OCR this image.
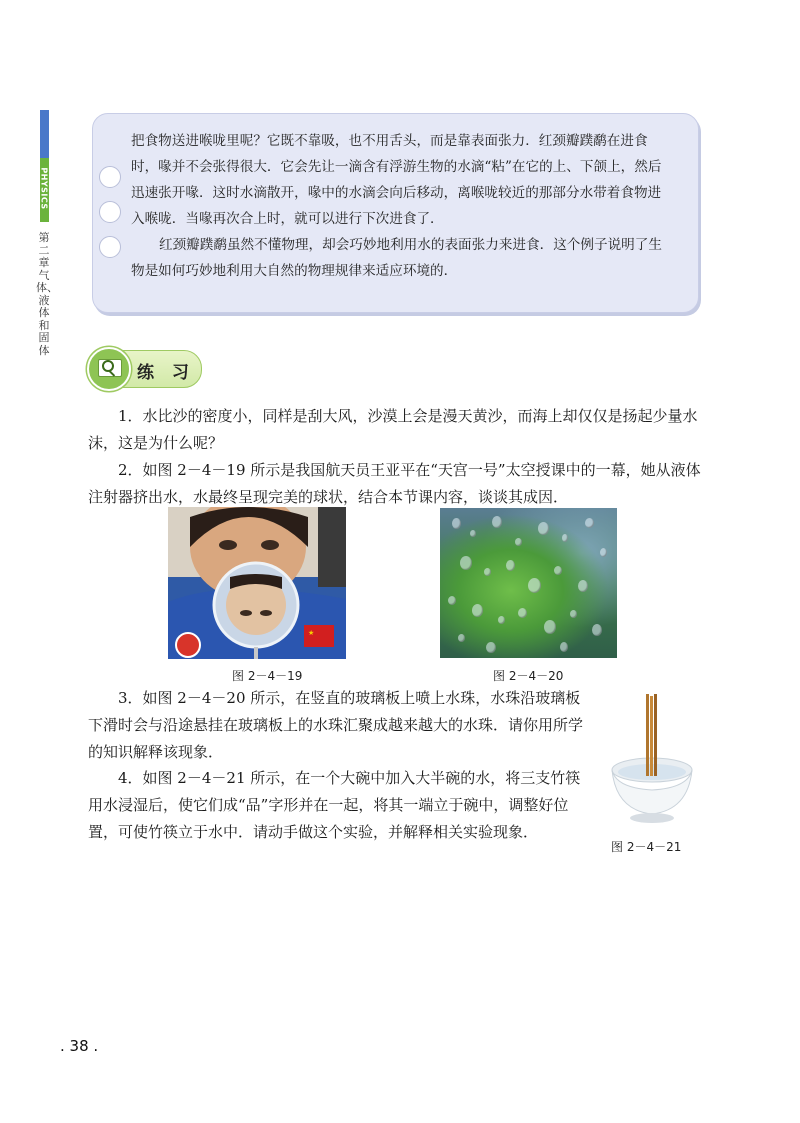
PHYSICS
第二章 气体、液体和固体
把食物送进喉咙里呢？它既不靠吸，也不用舌头，而是靠表面张力．红颈瓣蹼鹬在进食时，喙并不会张得很大．它会先让一滴含有浮游生物的水滴“粘”在它的上、下颌上，然后迅速张开喙．这时水滴散开，喙中的水滴会向后移动，离喉咙较近的那部分水带着食物进入喉咙．当喙再次合上时，就可以进行下次进食了．
红颈瓣蹼鹬虽然不懂物理，却会巧妙地利用水的表面张力来进食．这个例子说明了生物是如何巧妙地利用大自然的物理规律来适应环境的．
练 习
1．水比沙的密度小，同样是刮大风，沙漠上会是漫天黄沙，而海上却仅仅是扬起少量水沫，这是为什么呢？
2．如图 2－4－19 所示是我国航天员王亚平在“天宫一号”太空授课中的一幕，她从液体注射器挤出水，水最终呈现完美的球状，结合本节课内容，谈谈其成因．
★
图 2－4－19	图 2－4－20
3．如图 2－4－20 所示，在竖直的玻璃板上喷上水珠，水珠沿玻璃板下滑时会与沿途悬挂在玻璃板上的水珠汇聚成越来越大的水珠．请你用所学的知识解释该现象．
4．如图 2－4－21 所示，在一个大碗中加入大半碗的水，将三支竹筷用水浸湿后，使它们成“品”字形并在一起，将其一端立于碗中，调整好位置，可使竹筷立于水中．请动手做这个实验，并解释相关实验现象．
图 2－4－21
. 38 .
